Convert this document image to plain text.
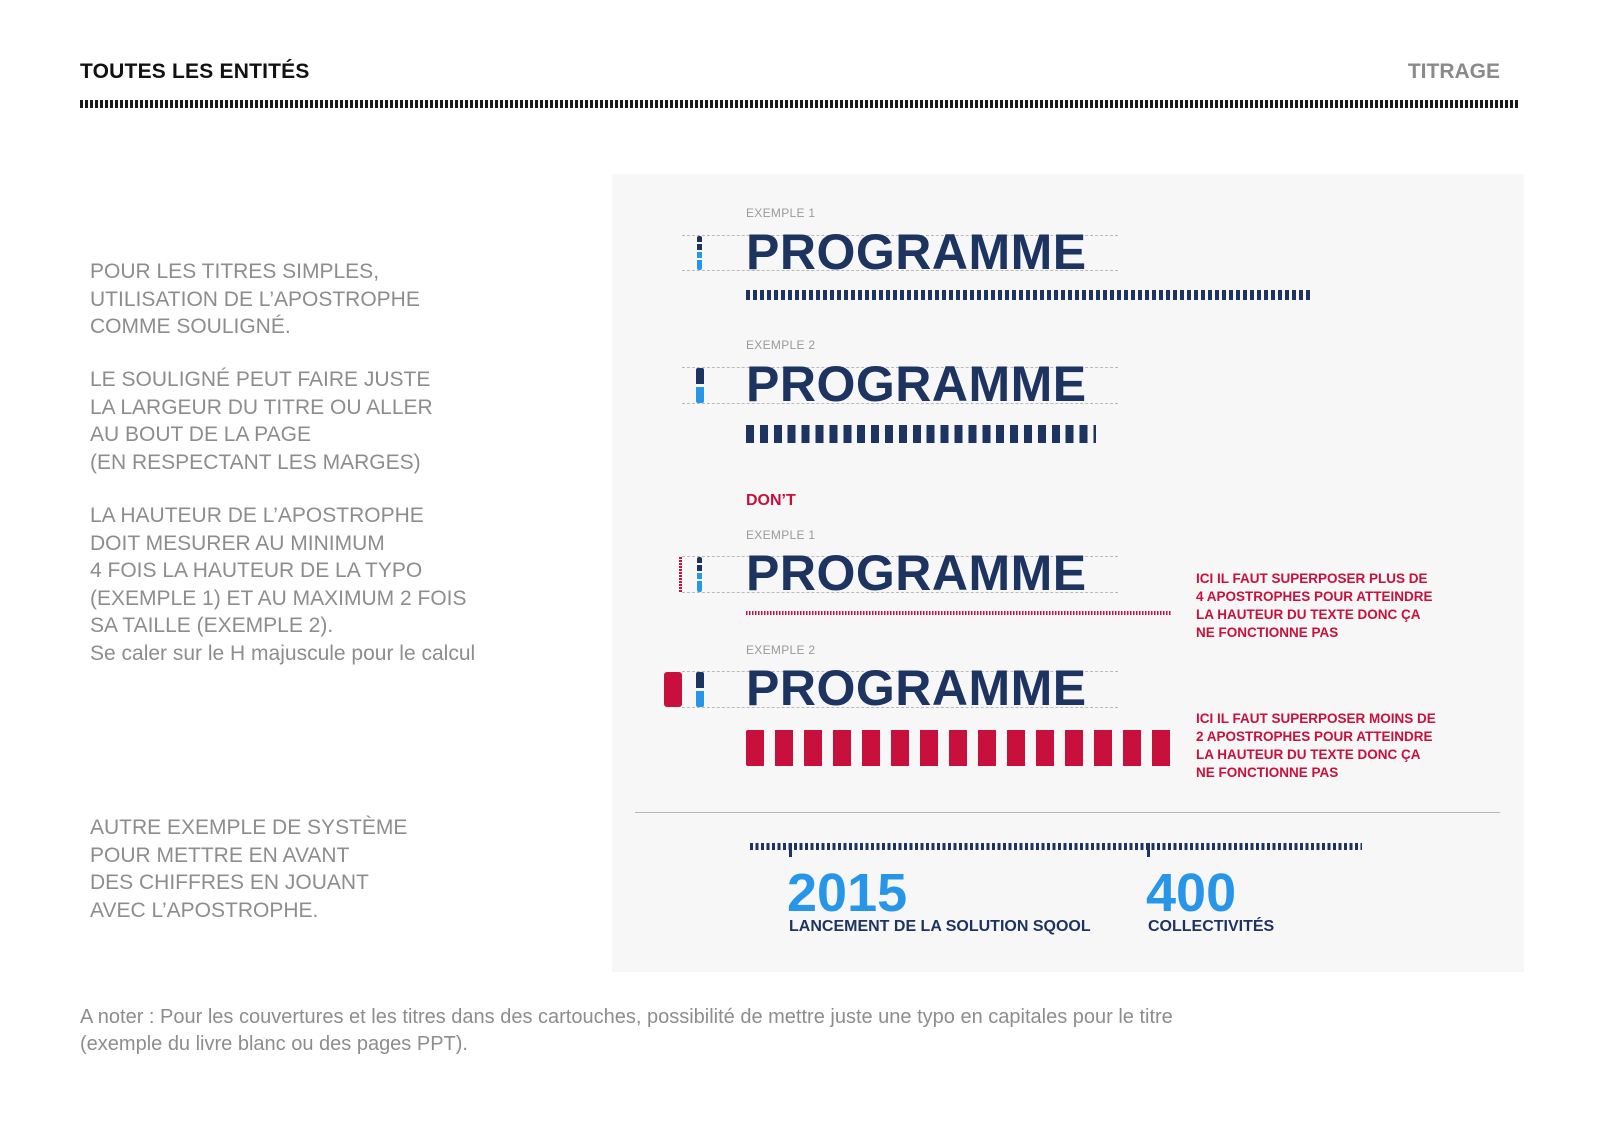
TOUTES LES ENTITÉS	TITRAGE
POUR LES TITRES SIMPLES,
UTILISATION DE L’APOSTROPHE
COMME SOULIGNÉ.
LE SOULIGNÉ PEUT FAIRE JUSTE
LA LARGEUR DU TITRE OU ALLER
AU BOUT DE LA PAGE
(EN RESPECTANT LES MARGES)
LA HAUTEUR DE L’APOSTROPHE
DOIT MESURER AU MINIMUM
4 FOIS LA HAUTEUR DE LA TYPO
(EXEMPLE 1) ET AU MAXIMUM 2 FOIS
SA TAILLE (EXEMPLE 2).
Se caler sur le H majuscule pour le calcul
AUTRE EXEMPLE DE SYSTÈME
POUR METTRE EN AVANT
DES CHIFFRES EN JOUANT
AVEC L’APOSTROPHE.
EXEMPLE 1
PROGRAMME
EXEMPLE 2
PROGRAMME
DON’T
EXEMPLE 1
PROGRAMME	ICI IL FAUT SUPERPOSER PLUS DE
4 APOSTROPHES POUR ATTEINDRE
LA HAUTEUR DU TEXTE DONC ÇA
NE FONCTIONNE PAS
EXEMPLE 2
PROGRAMME
ICI IL FAUT SUPERPOSER MOINS DE
2 APOSTROPHES POUR ATTEINDRE
LA HAUTEUR DU TEXTE DONC ÇA
NE FONCTIONNE PAS
2015
LANCEMENT DE LA SOLUTION SQOOL
400
COLLECTIVITÉS
A noter : Pour les couvertures et les titres dans des cartouches, possibilité de mettre juste une typo en capitales pour le titre
(exemple du livre blanc ou des pages PPT).
